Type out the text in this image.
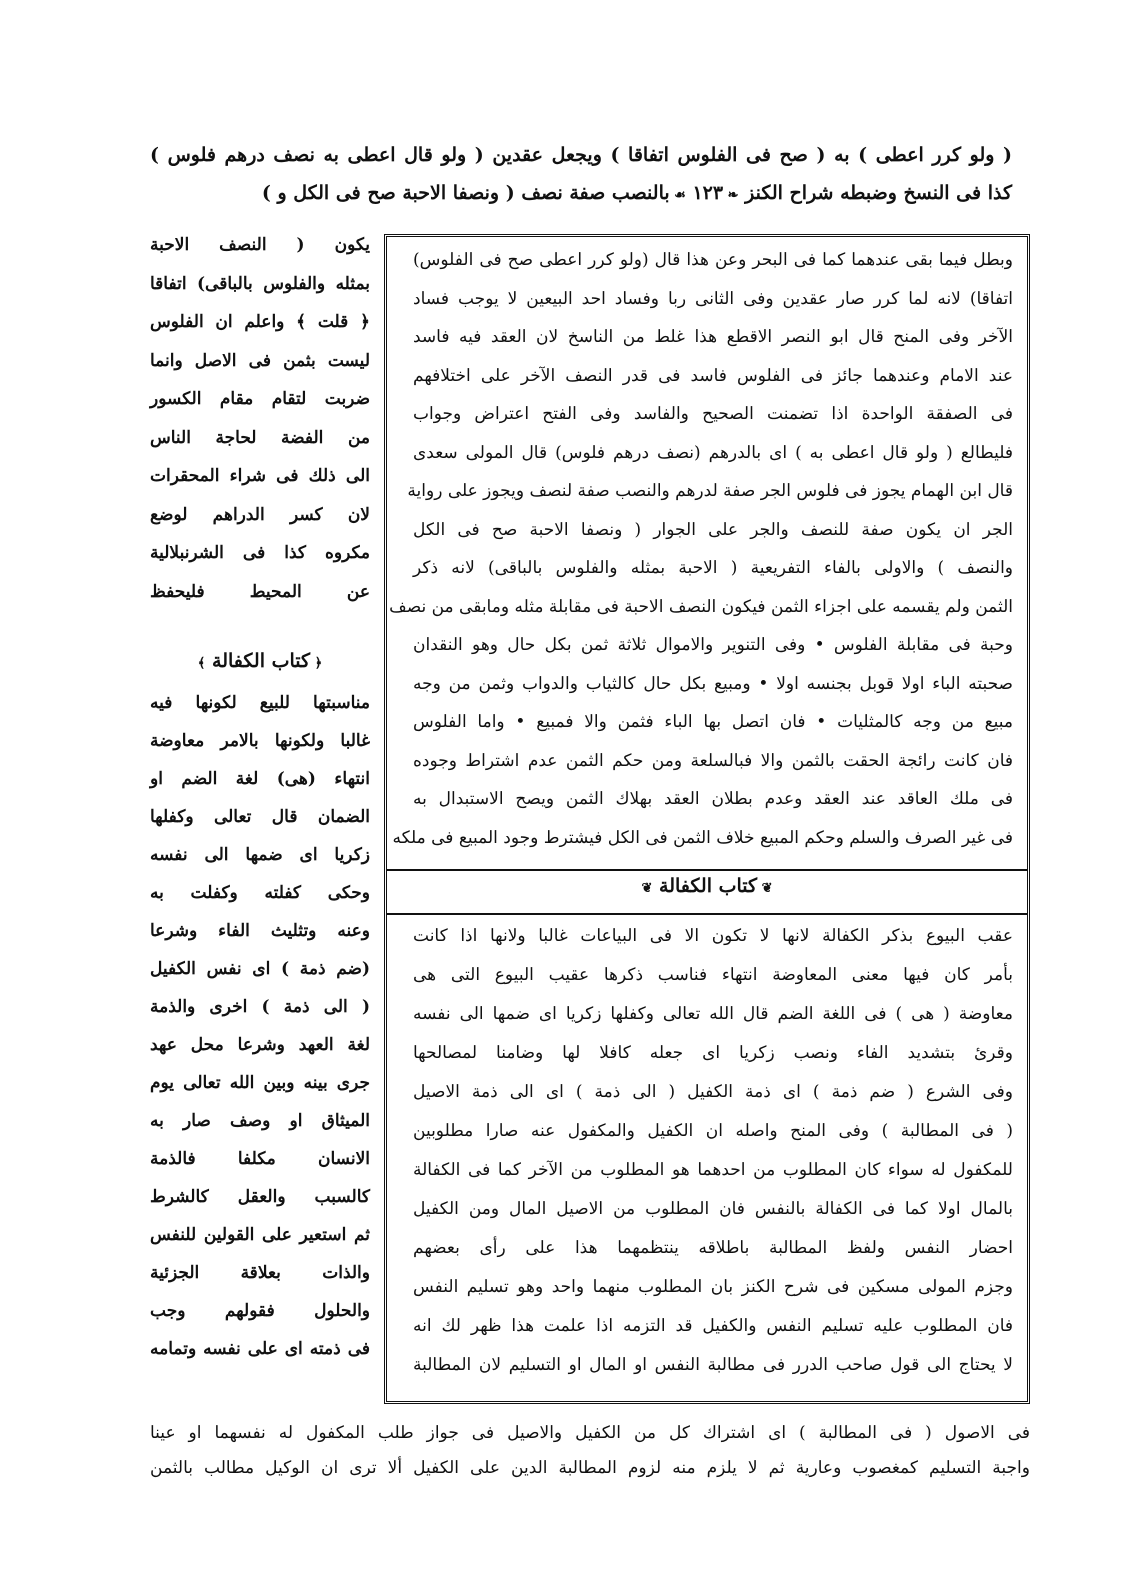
( ولو كرر اعطى ) به ( صح فى الفلوس اتفاقا ) ويجعل عقدين ( ولو قال اعطى به نصف درهم فلوس )
كذا فى النسخ وضبطه شراح الكنز ❧ ١٢٣ ☙ بالنصب صفة نصف ( ونصفا الاحبة صح فى الكل و )
وبطل فيما بقى عندهما كما فى البحر وعن هذا قال (ولو كرر اعطى صح فى الفلوس)
اتفاقا) لانه لما كرر صار عقدين وفى الثانى ربا وفساد احد البيعين لا يوجب فساد
الآخر وفى المنح قال ابو النصر الاقطع هذا غلط من الناسخ لان العقد فيه فاسد
عند الامام وعندهما جائز فى الفلوس فاسد فى قدر النصف الآخر على اختلافهم
فى الصفقة الواحدة اذا تضمنت الصحيح والفاسد وفى الفتح اعتراض وجواب
فليطالع ( ولو قال اعطى به ) اى بالدرهم (نصف درهم فلوس) قال المولى سعدى
قال ابن الهمام يجوز فى فلوس الجر صفة لدرهم والنصب صفة لنصف ويجوز على رواية
الجر ان يكون صفة للنصف والجر على الجوار ( ونصفا الاحبة صح فى الكل
والنصف ) والاولى بالفاء التفريعية ( الاحبة بمثله والفلوس بالباقى) لانه ذكر
الثمن ولم يقسمه على اجزاء الثمن فيكون النصف الاحبة فى مقابلة مثله ومابقى من نصف
وحبة فى مقابلة الفلوس • وفى التنوير والاموال ثلاثة ثمن بكل حال وهو النقدان
صحبته الباء اولا قوبل بجنسه اولا • ومبيع بكل حال كالثياب والدواب وثمن من وجه
مبيع من وجه كالمثليات • فان اتصل بها الباء فثمن والا فمبيع • واما الفلوس
فان كانت رائجة الحقت بالثمن والا فبالسلعة ومن حكم الثمن عدم اشتراط وجوده
فى ملك العاقد عند العقد وعدم بطلان العقد بهلاك الثمن ويصح الاستبدال به
فى غير الصرف والسلم وحكم المبيع خلاف الثمن فى الكل فيشترط وجود المبيع فى ملكه
❦ كتاب الكفالة ❦
عقب البيوع بذكر الكفالة لانها لا تكون الا فى البياعات غالبا ولانها اذا كانت
بأمر كان فيها معنى المعاوضة انتهاء فناسب ذكرها عقيب البيوع التى هى
معاوضة ( هى ) فى اللغة الضم قال الله تعالى وكفلها زكريا اى ضمها الى نفسه
وقرئ بتشديد الفاء ونصب زكريا اى جعله كافلا لها وضامنا لمصالحها
وفى الشرع ( ضم ذمة ) اى ذمة الكفيل ( الى ذمة ) اى الى ذمة الاصيل
( فى المطالبة ) وفى المنح واصله ان الكفيل والمكفول عنه صارا مطلوبين
للمكفول له سواء كان المطلوب من احدهما هو المطلوب من الآخر كما فى الكفالة
بالمال اولا كما فى الكفالة بالنفس فان المطلوب من الاصيل المال ومن الكفيل
احضار النفس ولفظ المطالبة باطلاقه ينتظمهما هذا على رأى بعضهم
وجزم المولى مسكين فى شرح الكنز بان المطلوب منهما واحد وهو تسليم النفس
فان المطلوب عليه تسليم النفس والكفيل قد التزمه اذا علمت هذا ظهر لك انه
لا يحتاج الى قول صاحب الدرر فى مطالبة النفس او المال او التسليم لان المطالبة
يكون ( النصف الاحبة
بمثله والفلوس بالباقى) اتفاقا
﴿ قلت ﴾ واعلم ان الفلوس
ليست بثمن فى الاصل وانما
ضربت لتقام مقام الكسور
من الفضة لحاجة الناس
الى ذلك فى شراء المحقرات
لان كسر الدراهم لوضع
مكروه كذا فى الشرنبلالية
عن المحيط فليحفظ
﴿ كتاب الكفالة ﴾
مناسبتها للبيع لكونها فيه
غالبا ولكونها بالامر معاوضة
انتهاء (هى) لغة الضم او
الضمان قال تعالى وكفلها
زكريا اى ضمها الى نفسه
وحكى كفلته وكفلت به
وعنه وتثليث الفاء وشرعا
(ضم ذمة ) اى نفس الكفيل
( الى ذمة ) اخرى والذمة
لغة العهد وشرعا محل عهد
جرى بينه وبين الله تعالى يوم
الميثاق او وصف صار به
الانسان مكلفا فالذمة
كالسبب والعقل كالشرط
ثم استعير على القولين للنفس
والذات بعلاقة الجزئية
والحلول فقولهم وجب
فى ذمته اى على نفسه وتمامه
فى الاصول ( فى المطالبة ) اى اشتراك كل من الكفيل والاصيل فى جواز طلب المكفول له نفسهما او عينا
واجبة التسليم كمغصوب وعارية ثم لا يلزم منه لزوم المطالبة الدين على الكفيل ألا ترى ان الوكيل مطالب بالثمن
